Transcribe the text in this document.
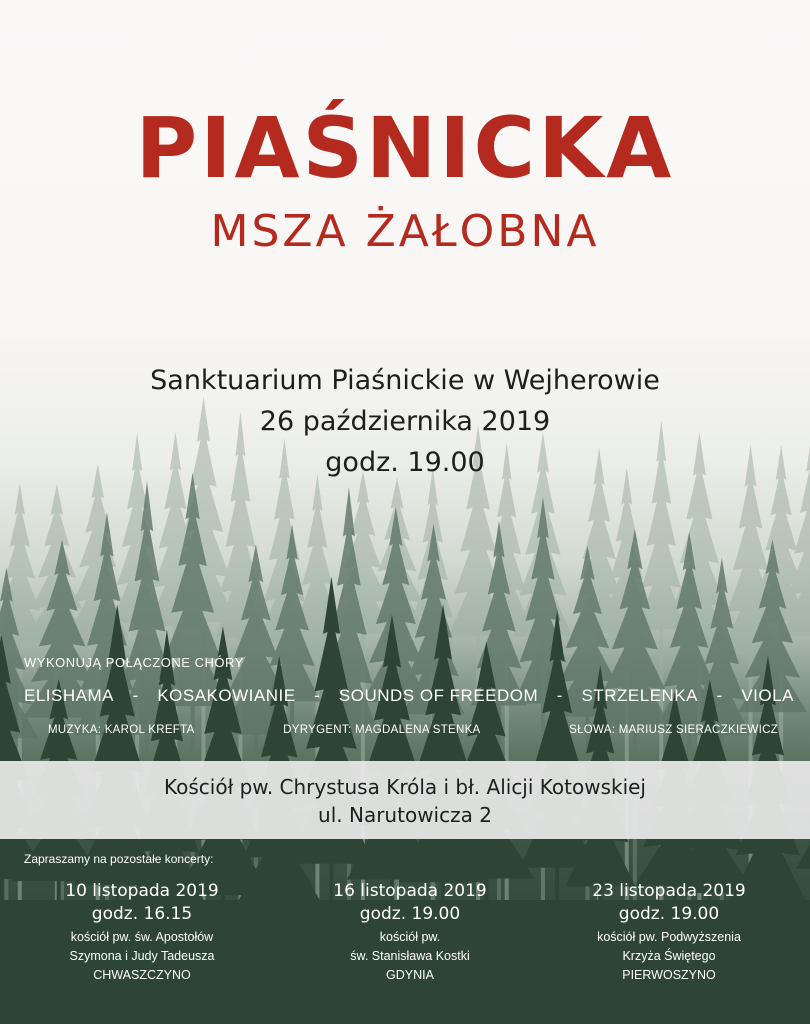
PIAŚNICKA
MSZA ŻAŁOBNA
Sanktuarium Piaśnickie w Wejherowie
26 października 2019
godz. 19.00
WYKONUJĄ POŁĄCZONE CHÓRY
ELISHAMA - KOSAKOWIANIE - SOUNDS OF FREEDOM - STRZELENKA - VIOLA
MUZYKA: KAROL KREFTA	DYRYGENT: MAGDALENA STENKA	SŁOWA: MARIUSZ SIERACZKIEWICZ
Kościół pw. Chrystusa Króla i bł. Alicji Kotowskiej
ul. Narutowicza 2
Zapraszamy na pozostałe koncerty:
10 listopada 2019
godz. 16.15
kościół pw. św. Apostołów
Szymona i Judy Tadeusza
CHWASZCZYNO
16 listopada 2019
godz. 19.00
kościół pw.
św. Stanisława Kostki
GDYNIA
23 listopada 2019
godz. 19.00
kościół pw. Podwyższenia
Krzyża Świętego
PIERWOSZYNO
